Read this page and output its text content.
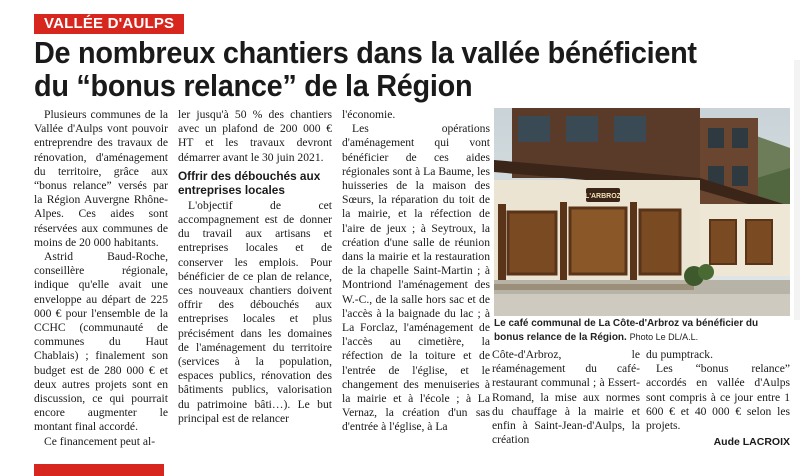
VALLÉE D'AULPS
De nombreux chantiers dans la vallée bénéficient du “bonus relance” de la Région

Plusieurs communes de la Vallée d'Aulps vont pouvoir entreprendre des travaux de rénovation, d'aménagement du territoire, grâce aux “bonus relance” versés par la Région Auvergne Rhône-Alpes. Ces aides sont réservées aux communes de moins de 20 000 habitants.

Astrid Baud-Roche, conseillère régionale, indique qu'elle avait une enveloppe au départ de 225 000 € pour l'ensemble de la CCHC (communauté de communes du Haut Chablais) ; finalement son budget est de 280 000 € et deux autres projets sont en discussion, ce qui pourrait encore augmenter le montant final accordé.

Ce financement peut al-

ler jusqu'à 50 % des chantiers avec un plafond de 200 000 € HT et les travaux devront démarrer avant le 30 juin 2021.

Offrir des débouchés aux entreprises locales

L'objectif de cet accompagnement est de donner du travail aux artisans et entreprises locales et de conserver les emplois. Pour bénéficier de ce plan de relance, ces nouveaux chantiers doivent offrir des débouchés aux entreprises locales et plus précisément dans les domaines de l'aménagement du territoire (services à la population, espaces publics, rénovation des bâtiments publics, valorisation du patrimoine bâti…). Le but principal est de relancer

l'économie.

Les opérations d'aménagement qui vont bénéficier de ces aides régionales sont à La Baume, les huisseries de la maison des Sœurs, la réparation du toit de la mairie, et la réfection de l'aire de jeux ; à Seytroux, la création d'une salle de réunion dans la mairie et la restauration de la chapelle Saint-Martin ; à Montriond l'aménagement des W.-C., de la salle hors sac et de l'accès à la baignade du lac ; à La Forclaz, l'aménagement de l'accès au cimetière, la réfection de la toiture et de l'entrée de l'église, et le changement des menuiseries à la mairie et à l'école ; à La Vernaz, la création d'un sas d'entrée à l'église, à La

L'ARBROZ
Le café communal de La Côte-d'Arbroz va bénéficier du bonus relance de la Région. Photo Le DL/A.L.

Côte-d'Arbroz, le réaménagement du café-restaurant communal ; à Essert-Romand, la mise aux normes du chauffage à la mairie et enfin à Saint-Jean-d'Aulps, la création

du pumptrack.

Les “bonus relance” accordés en vallée d'Aulps sont compris à ce jour entre 1 600 € et 40 000 € selon les projets.

Aude LACROIX
